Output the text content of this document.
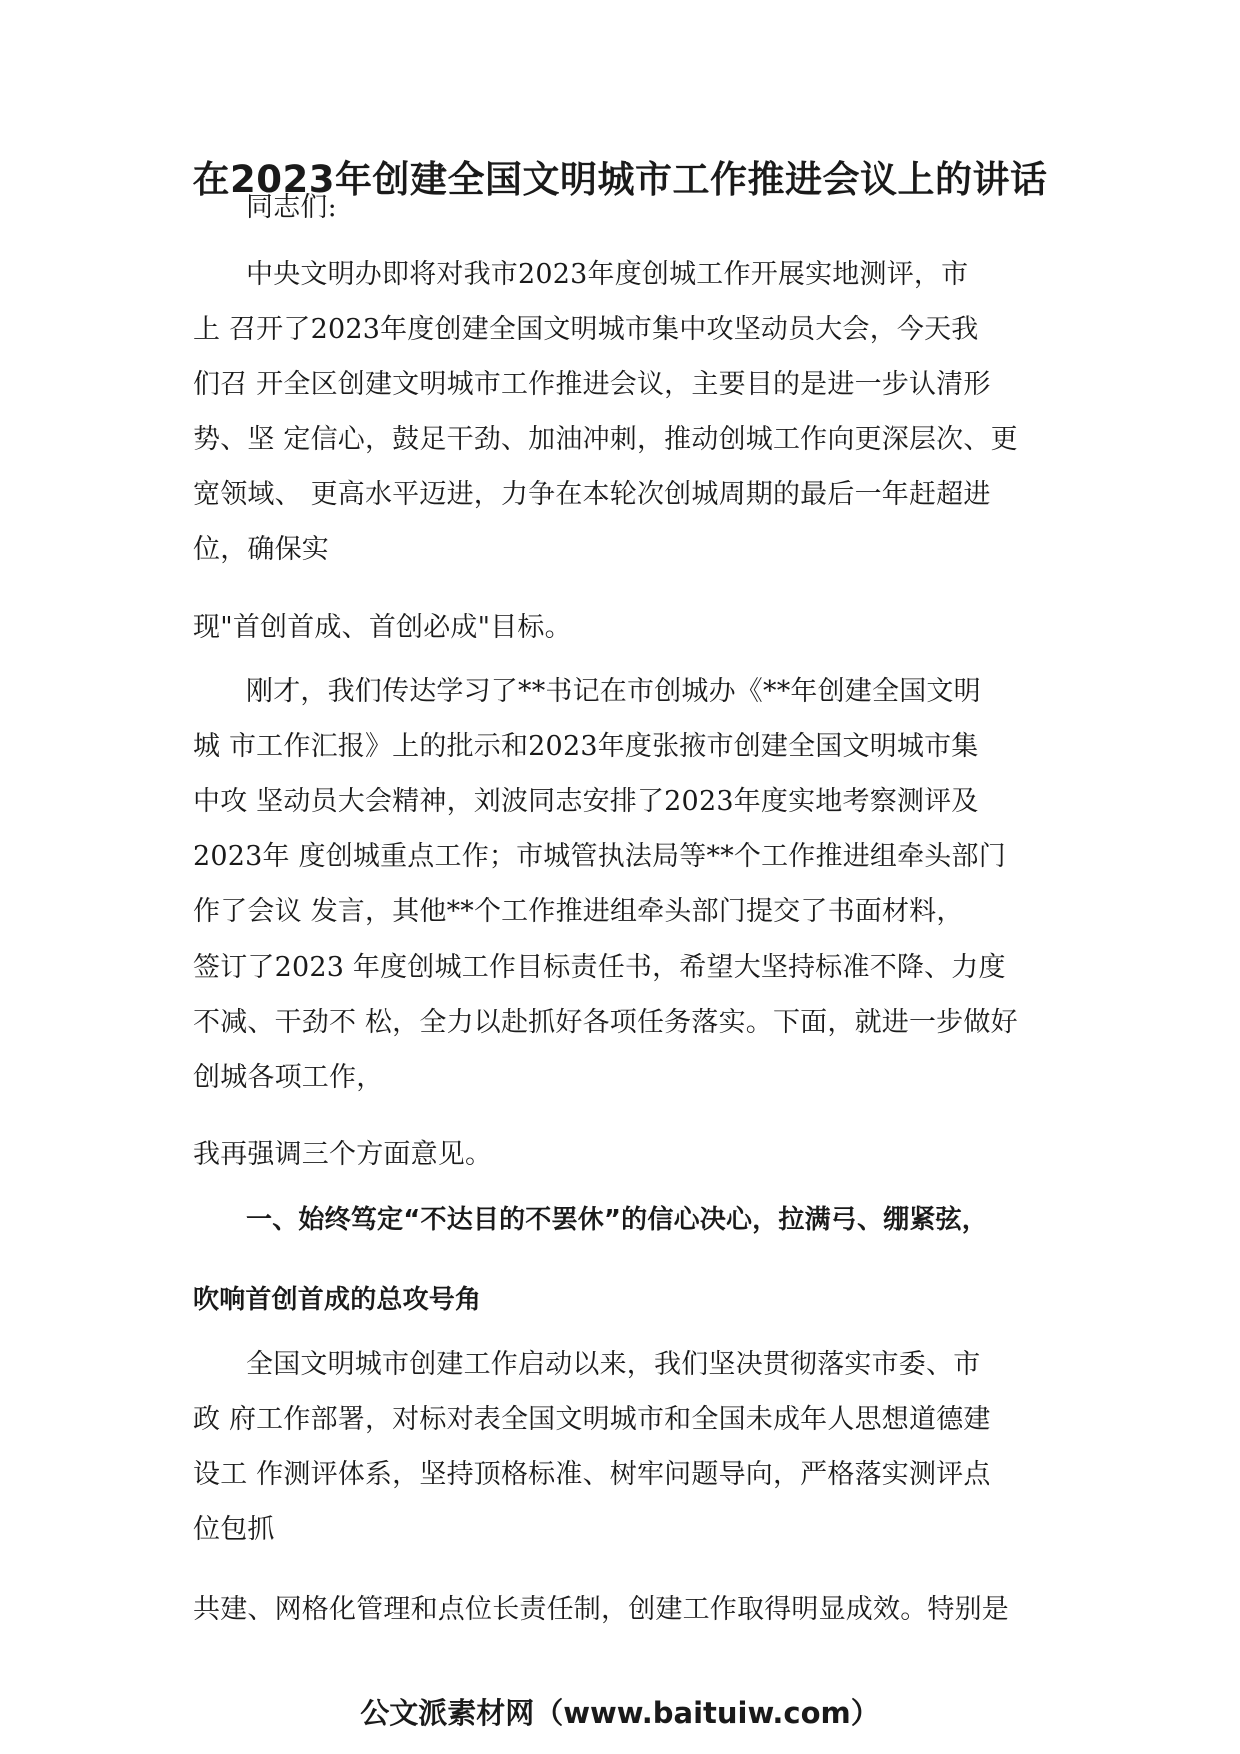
在2023年创建全国文明城市工作推进会议上的讲话
同志们:
中央文明办即将对我市2023年度创城工作开展实地测评，市
上 召开了2023年度创建全国文明城市集中攻坚动员大会，今天我
们召 开全区创建文明城市工作推进会议，主要目的是进一步认清形
势、坚 定信心，鼓足干劲、加油冲刺，推动创城工作向更深层次、更
宽领域、 更高水平迈进，力争在本轮次创城周期的最后一年赶超进
位，确保实
现"首创首成、首创必成"目标。
刚才，我们传达学习了**书记在市创城办《**年创建全国文明
城 市工作汇报》上的批示和2023年度张掖市创建全国文明城市集
中攻 坚动员大会精神，刘波同志安排了2023年度实地考察测评及
2023年 度创城重点工作；市城管执法局等**个工作推进组牵头部门
作了会议 发言，其他**个工作推进组牵头部门提交了书面材料，
签订了2023 年度创城工作目标责任书，希望大坚持标准不降、力度
不减、干劲不 松，全力以赴抓好各项任务落实。下面，就进一步做好
创城各项工作，
我再强调三个方面意见。
一、始终笃定“不达目的不罢休”的信心决心，拉满弓、绷紧弦，
吹响首创首成的总攻号角
全国文明城市创建工作启动以来，我们坚决贯彻落实市委、市
政 府工作部署，对标对表全国文明城市和全国未成年人思想道德建
设工 作测评体系，坚持顶格标准、树牢问题导向，严格落实测评点
位包抓
共建、网格化管理和点位长责任制，创建工作取得明显成效。特别是
公文派素材网（www.baituiw.com）
